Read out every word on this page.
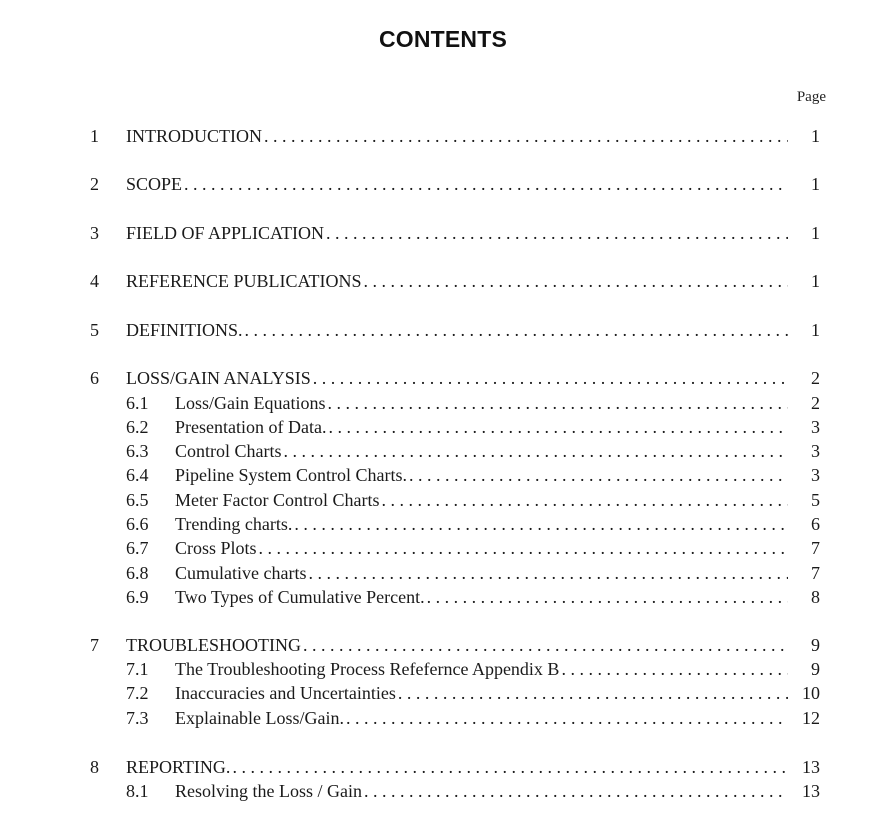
CONTENTS
Page
1 INTRODUCTION . . .	1
2 SCOPE . . .	1
3 FIELD OF APPLICATION . . .	1
4 REFERENCE PUBLICATIONS . . .	1
5 DEFINITIONS. . . .	1
6 LOSS/GAIN ANALYSIS . . .	2
6.1 Loss/Gain Equations . . .	2
6.2 Presentation of Data. . . .	3
6.3 Control Charts . . .	3
6.4 Pipeline System Control Charts. . . .	3
6.5 Meter Factor Control Charts . . .	5
6.6 Trending charts. . . .	6
6.7 Cross Plots . . .	7
6.8 Cumulative charts . . .	7
6.9 Two Types of Cumulative Percent. . . .	8
7 TROUBLESHOOTING . . .	9
7.1 The Troubleshooting Process Refefernce Appendix B . . .	9
7.2 Inaccuracies and Uncertainties . . .	10
7.3 Explainable Loss/Gain. . . .	12
8 REPORTING. . . .	13
8.1 Resolving the Loss / Gain . . .	13
